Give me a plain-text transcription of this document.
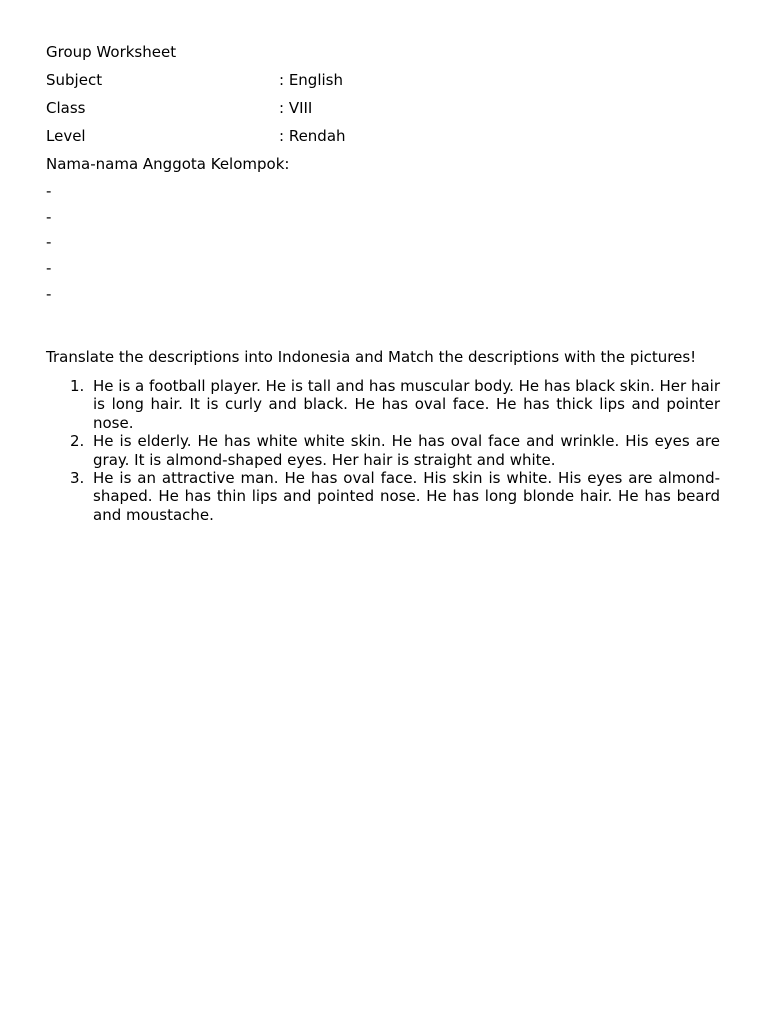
Group Worksheet
Subject	: English
Class	: VIII
Level	: Rendah
Nama-nama Anggota Kelompok:
-
-
-
-
-
Translate the descriptions into Indonesia and Match the descriptions with the pictures!
1. He is a football player. He is tall and has muscular body. He has black skin. Her hair is long hair. It is curly and black. He has oval face. He has thick lips and pointer nose.
2. He is elderly. He has white white skin. He has oval face and wrinkle. His eyes are gray. It is almond-shaped eyes. Her hair is straight and white.
3. He is an attractive man. He has oval face. His skin is white. His eyes are almond-shaped. He has thin lips and pointed nose. He has long blonde hair. He has beard and moustache.
